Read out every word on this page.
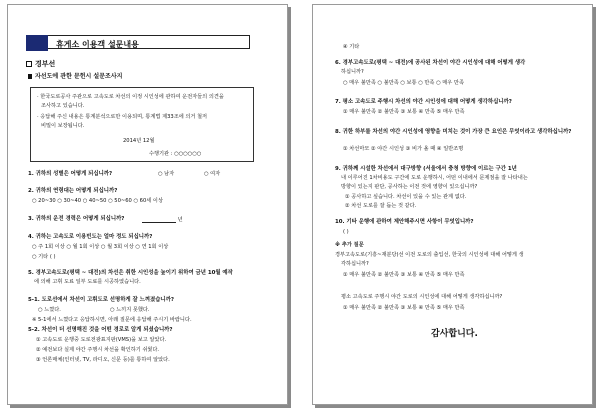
휴게소 이용객 설문내용
경부선
자선도에 관한 문헌시 설문조사지
· 한국도로공사 주관으로 고속도로 차선의 이정 시인성에 관하여 운전자들의 의견을
조사하고 있습니다.
· 응답해 주신 내용은 통계분석으로만 이용되며, 통계법 제33조에 의거 철저
비밀이 보장됩니다.
2014년 12월
수행기관 : ○○○○○○
1. 귀하의 성별은 어떻게 되십니까?	○ 남자	○ 여자
2. 귀하의 연령대는 어떻게 되십니까?
○ 20~30 ○ 30~40 ○ 40~50 ○ 50~60 ○ 60세 이상
3. 귀하의 운전 경력은 어떻게 되십니까?	년
4. 귀하는 고속도로 이용빈도는 얼마 정도 되십니까?
○ 주 1회 이상 ○ 월 1회 이상 ○ 월 3회 이상 ○ 연 1회 이상
○ 기타 ( )
5. 경부고속도로(평택 ~ 대전)의 차선은 취한 시인성을 높이기 위하여 금년 10월 예작
에 의해 고휘 도료 일부 도료를 시공하였습니다.
5-1. 도로선에서 차선이 고휘도로 선명하게 잘 느껴졌습니까?
○ 느꼈다.	○ 느끼지 못했다.
※ 5-1에서 느꼈다고 응답하시면, 아래 질문에 응답해 주시기 바랍니다.
5-2. 차선이 더 선명해진 것을 어떤 경로로 알게 되셨습니까?
① 고속도로 운행중 도로전광표지판(VMS)을 보고 알았다.
② 예전보다 실제 야간 주행시 차선을 확인하기 쉬웠다.
③ 언론매체(인터넷, TV, 라디오, 신문 등)를 통하여 알았다.
④ 기타
6. 경부고속도로(평택 ~ 대전)에 공사된 차선이 야간 시인성에 대해 어떻게 생각
하십니까?
○ 매우 불만족 ○ 불만족 ○ 보통 ○ 만족 ○ 매우 만족
7. 평소 고속도로 주행시 차선의 야간 시인성에 대해 어떻게 생각하십니까?
① 매우 불만족 ② 불만족 ③ 보통 ④ 만족 ⑤ 매우 만족
8. 귀한 하부를 차선의 야간 시인성에 영향을 미치는 것이 가장 큰 요인은 무엇이라고 생각하십니까?
① 차선마모 ② 야간 시인성 ③ 비가 올 때 ④ 일반조명
9. 귀하께 시설한 차선에서 대구방향 (서울에서 충청 방향에 이르는 구간 1년
내 이루어진 1차비용도 구간에 도로 운행하시, 어떤 이내에서 문제점을 잘 나타내는
방향이 있는지 판단, 공사하는 이전 것에 영향이 있으십니까?
① 공사하고 싶습니다. 차선이 있을 수 있는 관계 없다.
② 차선 도로를 잘 돕는 것 같다.
10. 기타 운행에 관하여 제안해주시면 사항이 무엇입니까?
( )
※ 추가 질문
경부고속도로(기흥~재분당)선 이전 도로의 출입선, 한국의 시인성에 대해 어떻게 생
각하십니까?
① 매우 불만족 ② 불만족 ③ 보통 ④ 만족 ⑤ 매우 만족
평소 고속도로 주행시 야간 도로의 시인성에 대해 어떻게 생각하십니까?
① 매우 불만족 ② 불만족 ③ 보통 ④ 만족 ⑤ 매우 만족
감사합니다.
